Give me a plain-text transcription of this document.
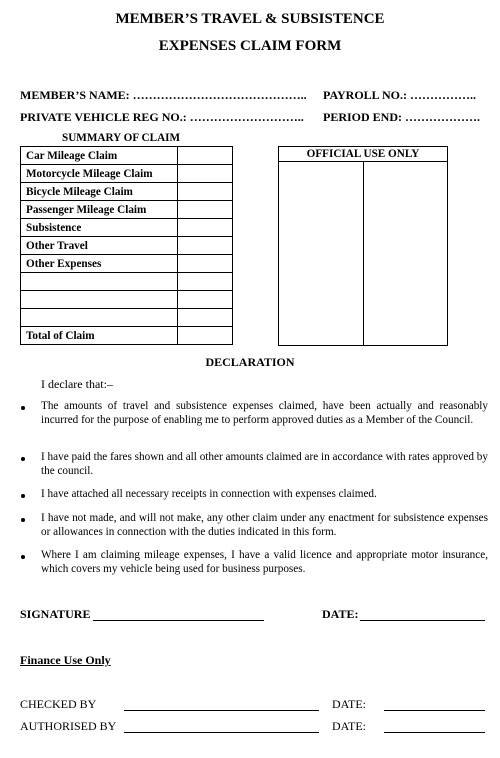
MEMBER’S TRAVEL & SUBSISTENCE
EXPENSES CLAIM FORM
MEMBER’S NAME: …………………………………….. PAYROLL NO.: ……………..
PRIVATE VEHICLE REG NO.: ……………………….. PERIOD END: ……………….
SUMMARY OF CLAIM
Car Mileage Claim	
Motorcycle Mileage Claim	
Bicycle Mileage Claim	
Passenger Mileage Claim	
Subsistence	
Other Travel	
Other Expenses	

Total of Claim	
OFFICIAL USE ONLY
DECLARATION
I declare that:–
The amounts of travel and subsistence expenses claimed, have been actually and reasonably incurred for the purpose of enabling me to perform approved duties as a Member of the Council.
I have paid the fares shown and all other amounts claimed are in accordance with rates approved by the council.
I have attached all necessary receipts in connection with expenses claimed.
I have not made, and will not make, any other claim under any enactment for subsistence expenses or allowances in connection with the duties indicated in this form.
Where I am claiming mileage expenses, I have a valid licence and appropriate motor insurance, which covers my vehicle being used for business purposes.
SIGNATURE	DATE:
Finance Use Only
CHECKED BY	DATE:
AUTHORISED BY	DATE:
